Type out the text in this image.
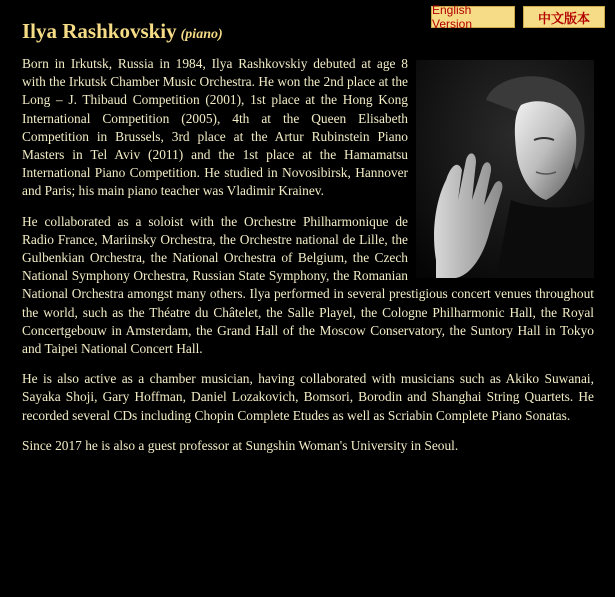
English Version	中文版本
Ilya Rashkovskiy (piano)

Born in Irkutsk, Russia in 1984, Ilya Rashkovskiy debuted at age 8 with the Irkutsk Chamber Music Orchestra. He won the 2nd place at the Long – J. Thibaud Competition (2001), 1st place at the Hong Kong International Competition (2005), 4th at the Queen Elisabeth Competition in Brussels, 3rd place at the Artur Rubinstein Piano Masters in Tel Aviv (2011) and the 1st place at the Hamamatsu International Piano Competition. He studied in Novosibirsk, Hannover and Paris; his main piano teacher was Vladimir Krainev.

He collaborated as a soloist with the Orchestre Philharmonique de Radio France, Mariinsky Orchestra, the Orchestre national de Lille, the Gulbenkian Orchestra, the National Orchestra of Belgium, the Czech National Symphony Orchestra, Russian State Symphony, the Romanian National Orchestra amongst many others. Ilya performed in several prestigious concert venues throughout the world, such as the Théatre du Châtelet, the Salle Playel, the Cologne Philharmonic Hall, the Royal Concertgebouw in Amsterdam, the Grand Hall of the Moscow Conservatory, the Suntory Hall in Tokyo and Taipei National Concert Hall.

He is also active as a chamber musician, having collaborated with musicians such as Akiko Suwanai, Sayaka Shoji, Gary Hoffman, Daniel Lozakovich, Bomsori, Borodin and Shanghai String Quartets. He recorded several CDs including Chopin Complete Etudes as well as Scriabin Complete Piano Sonatas.

Since 2017 he is also a guest professor at Sungshin Woman's University in Seoul.
